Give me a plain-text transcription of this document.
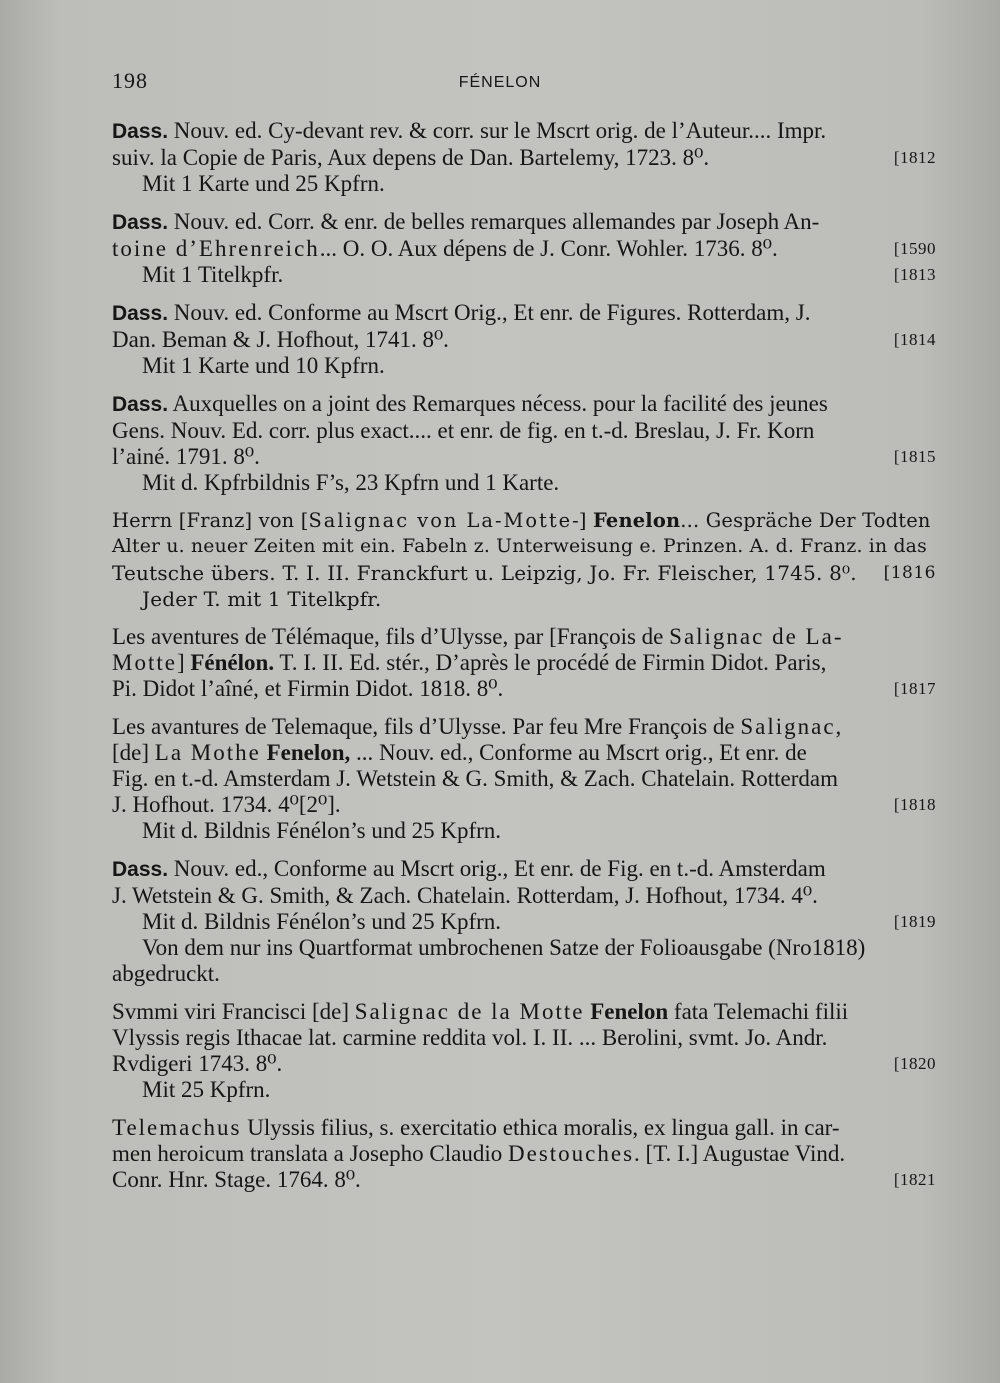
198	FÉNELON
Dass. Nouv. ed. Cy-devant rev. & corr. sur le Mscrt orig. de l’Auteur.... Impr.
suiv. la Copie de Paris, Aux depens de Dan. Bartelemy, 1723. 8⁰.	[1812
Mit 1 Karte und 25 Kpfrn.
Dass. Nouv. ed. Corr. & enr. de belles remarques allemandes par Joseph An-
toine d’Ehrenreich... O. O. Aux dépens de J. Conr. Wohler. 1736. 8⁰.	[1590
Mit 1 Titelkpfr.	[1813
Dass. Nouv. ed. Conforme au Mscrt Orig., Et enr. de Figures. Rotterdam, J.
Dan. Beman & J. Hofhout, 1741. 8⁰.	[1814
Mit 1 Karte und 10 Kpfrn.
Dass. Auxquelles on a joint des Remarques nécess. pour la facilité des jeunes
Gens. Nouv. Ed. corr. plus exact.... et enr. de fig. en t.-d. Breslau, J. Fr. Korn
l’ainé. 1791. 8⁰.	[1815
Mit d. Kpfrbildnis F’s, 23 Kpfrn und 1 Karte.
Herrn [Franz] von [Salignac von La-Motte-] Fenelon... Gespräche Der Todten
Alter u. neuer Zeiten mit ein. Fabeln z. Unterweisung e. Prinzen. A. d. Franz. in das
Teutsche übers. T. I. II. Franckfurt u. Leipzig, Jo. Fr. Fleischer, 1745. 8⁰. [1816
Jeder T. mit 1 Titelkpfr.
Les aventures de Télémaque, fils d’Ulysse, par [François de Salignac de La-
Motte] Fénélon. T. I. II. Ed. stér., D’après le procédé de Firmin Didot. Paris,
Pi. Didot l’aîné, et Firmin Didot. 1818. 8⁰.	[1817
Les avantures de Telemaque, fils d’Ulysse. Par feu Mre François de Salignac,
[de] La Mothe Fenelon, ... Nouv. ed., Conforme au Mscrt orig., Et enr. de
Fig. en t.-d. Amsterdam J. Wetstein & G. Smith, & Zach. Chatelain. Rotterdam
J. Hofhout. 1734. 4⁰[2⁰].	[1818
Mit d. Bildnis Fénélon’s und 25 Kpfrn.
Dass. Nouv. ed., Conforme au Mscrt orig., Et enr. de Fig. en t.-d. Amsterdam
J. Wetstein & G. Smith, & Zach. Chatelain. Rotterdam, J. Hofhout, 1734. 4⁰.
Mit d. Bildnis Fénélon’s und 25 Kpfrn.	[1819
Von dem nur ins Quartformat umbrochenen Satze der Folioausgabe (Nro1818)
abgedruckt.
Svmmi viri Francisci [de] Salignac de la Motte Fenelon fata Telemachi filii
Vlyssis regis Ithacae lat. carmine reddita vol. I. II. ... Berolini, svmt. Jo. Andr.
Rvdigeri 1743. 8⁰.	[1820
Mit 25 Kpfrn.
Telemachus Ulyssis filius, s. exercitatio ethica moralis, ex lingua gall. in car-
men heroicum translata a Josepho Claudio Destouches. [T. I.] Augustae Vind.
Conr. Hnr. Stage. 1764. 8⁰.	[1821
